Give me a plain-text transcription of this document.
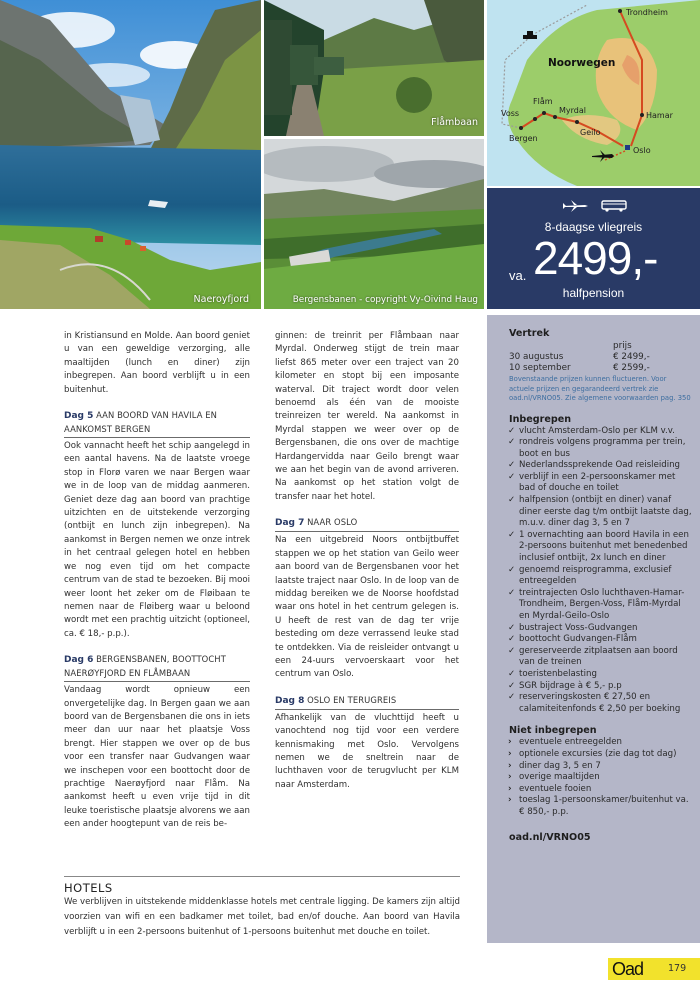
Naeroyfjord
Flåmbaan
Bergensbanen - copyright Vy-Oivind Haug
Noorwegen
Trondheim
Hamar
Oslo
Geilo
Myrdal
Flåm
Voss
Bergen
8-daagse vliegreis
va. 2499,-
halfpension

in Kristiansund en Molde. Aan boord geniet u van een geweldige verzorging, alle maaltijden (lunch en diner) zijn inbegrepen. Aan boord verblijft u in een buitenhut.

Dag 5 AAN BOORD VAN HAVILA EN AANKOMST BERGEN

Ook vannacht heeft het schip aangelegd in een aantal havens. Na de laatste vroege stop in Florø varen we naar Bergen waar we in de loop van de middag aanmeren. Geniet deze dag aan boord van prachtige uitzichten en de uitstekende verzorging (ontbijt en lunch zijn inbegrepen). Na aankomst in Bergen nemen we onze intrek in het centraal gelegen hotel en hebben we nog even tijd om het compacte centrum van de stad te bezoeken. Bij mooi weer loont het zeker om de Fløibaan te nemen naar de Fløiberg waar u beloond wordt met een prachtig uitzicht (optioneel, ca. € 18,- p.p.).

Dag 6 BERGENSBANEN, BOOTTOCHT NAERØYFJORD EN FLÅMBAAN

Vandaag wordt opnieuw een onvergetelijke dag. In Bergen gaan we aan boord van de Bergensbanen die ons in iets meer dan uur naar het plaatsje Voss brengt. Hier stappen we over op de bus voor een transfer naar Gudvangen waar we inschepen voor een boottocht door de prachtige Naerøyfjord naar Flåm. Na aankomst heeft u even vrije tijd in dit leuke toeristische plaatsje alvorens we aan een ander hoogtepunt van de reis be-

ginnen: de treinrit per Flåmbaan naar Myrdal. Onderweg stijgt de trein maar liefst 865 meter over een traject van 20 kilometer en stopt bij een imposante waterval. Dit traject wordt door velen benoemd als één van de mooiste treinreizen ter wereld. Na aankomst in Myrdal stappen we weer over op de Bergensbanen, die ons over de machtige Hardangervidda naar Geilo brengt waar we aan het begin van de avond arriveren. Na aankomst op het station volgt de transfer naar het hotel.

Dag 7 NAAR OSLO

Na een uitgebreid Noors ontbijtbuffet stappen we op het station van Geilo weer aan boord van de Bergensbanen voor het laatste traject naar Oslo. In de loop van de middag bereiken we de Noorse hoofdstad waar ons hotel in het centrum gelegen is. U heeft de rest van de dag ter vrije besteding om deze verrassend leuke stad te ontdekken. Via de reisleider ontvangt u een 24-uurs vervoerskaart voor het centrum van Oslo.

Dag 8 OSLO EN TERUGREIS

Afhankelijk van de vluchttijd heeft u vanochtend nog tijd voor een verdere kennismaking met Oslo. Vervolgens nemen we de sneltrein naar de luchthaven voor de terugvlucht per KLM naar Amsterdam.

HOTELS

We verblijven in uitstekende middenklasse hotels met centrale ligging. De kamers zijn altijd voorzien van wifi en een badkamer met toilet, bad en/of douche. Aan boord van Havila verblijft u in een 2-persoons buitenhut of 1-persoons buitenhut met douche en toilet.

Vertrek
prijs
30 augustus	€ 2499,-
10 september	€ 2599,-
Bovenstaande prijzen kunnen fluctueren. Voor actuele prijzen en gegarandeerd vertrek zie oad.nl/VRNO05. Zie algemene voorwaarden pag. 350
Inbegrepen
✓ vlucht Amsterdam-Oslo per KLM v.v.
✓ rondreis volgens programma per trein, boot en bus
✓ Nederlandssprekende Oad reisleiding
✓ verblijf in een 2-persoonskamer met bad of douche en toilet
✓ halfpension (ontbijt en diner) vanaf diner eerste dag t/m ontbijt laatste dag, m.u.v. diner dag 3, 5 en 7
✓ 1 overnachting aan boord Havila in een 2-persoons buitenhut met benedenbed inclusief ontbijt, 2x lunch en diner
✓ genoemd reisprogramma, exclusief entreegelden
✓ treintrajecten Oslo luchthaven-Hamar-Trondheim, Bergen-Voss, Flåm-Myrdal en Myrdal-Geilo-Oslo
✓ bustraject Voss-Gudvangen
✓ boottocht Gudvangen-Flåm
✓ gereserveerde zitplaatsen aan boord van de treinen
✓ toeristenbelasting
✓ SGR bijdrage à € 5,- p.p
✓ reserveringskosten € 27,50 en calamiteitenfonds € 2,50 per boeking
Niet inbegrepen
› eventuele entreegelden
› optionele excursies (zie dag tot dag)
› diner dag 3, 5 en 7
› overige maaltijden
› eventuele fooien
› toeslag 1-persoonskamer/buitenhut va. € 850,- p.p.
oad.nl/VRNO05
Oad	179
